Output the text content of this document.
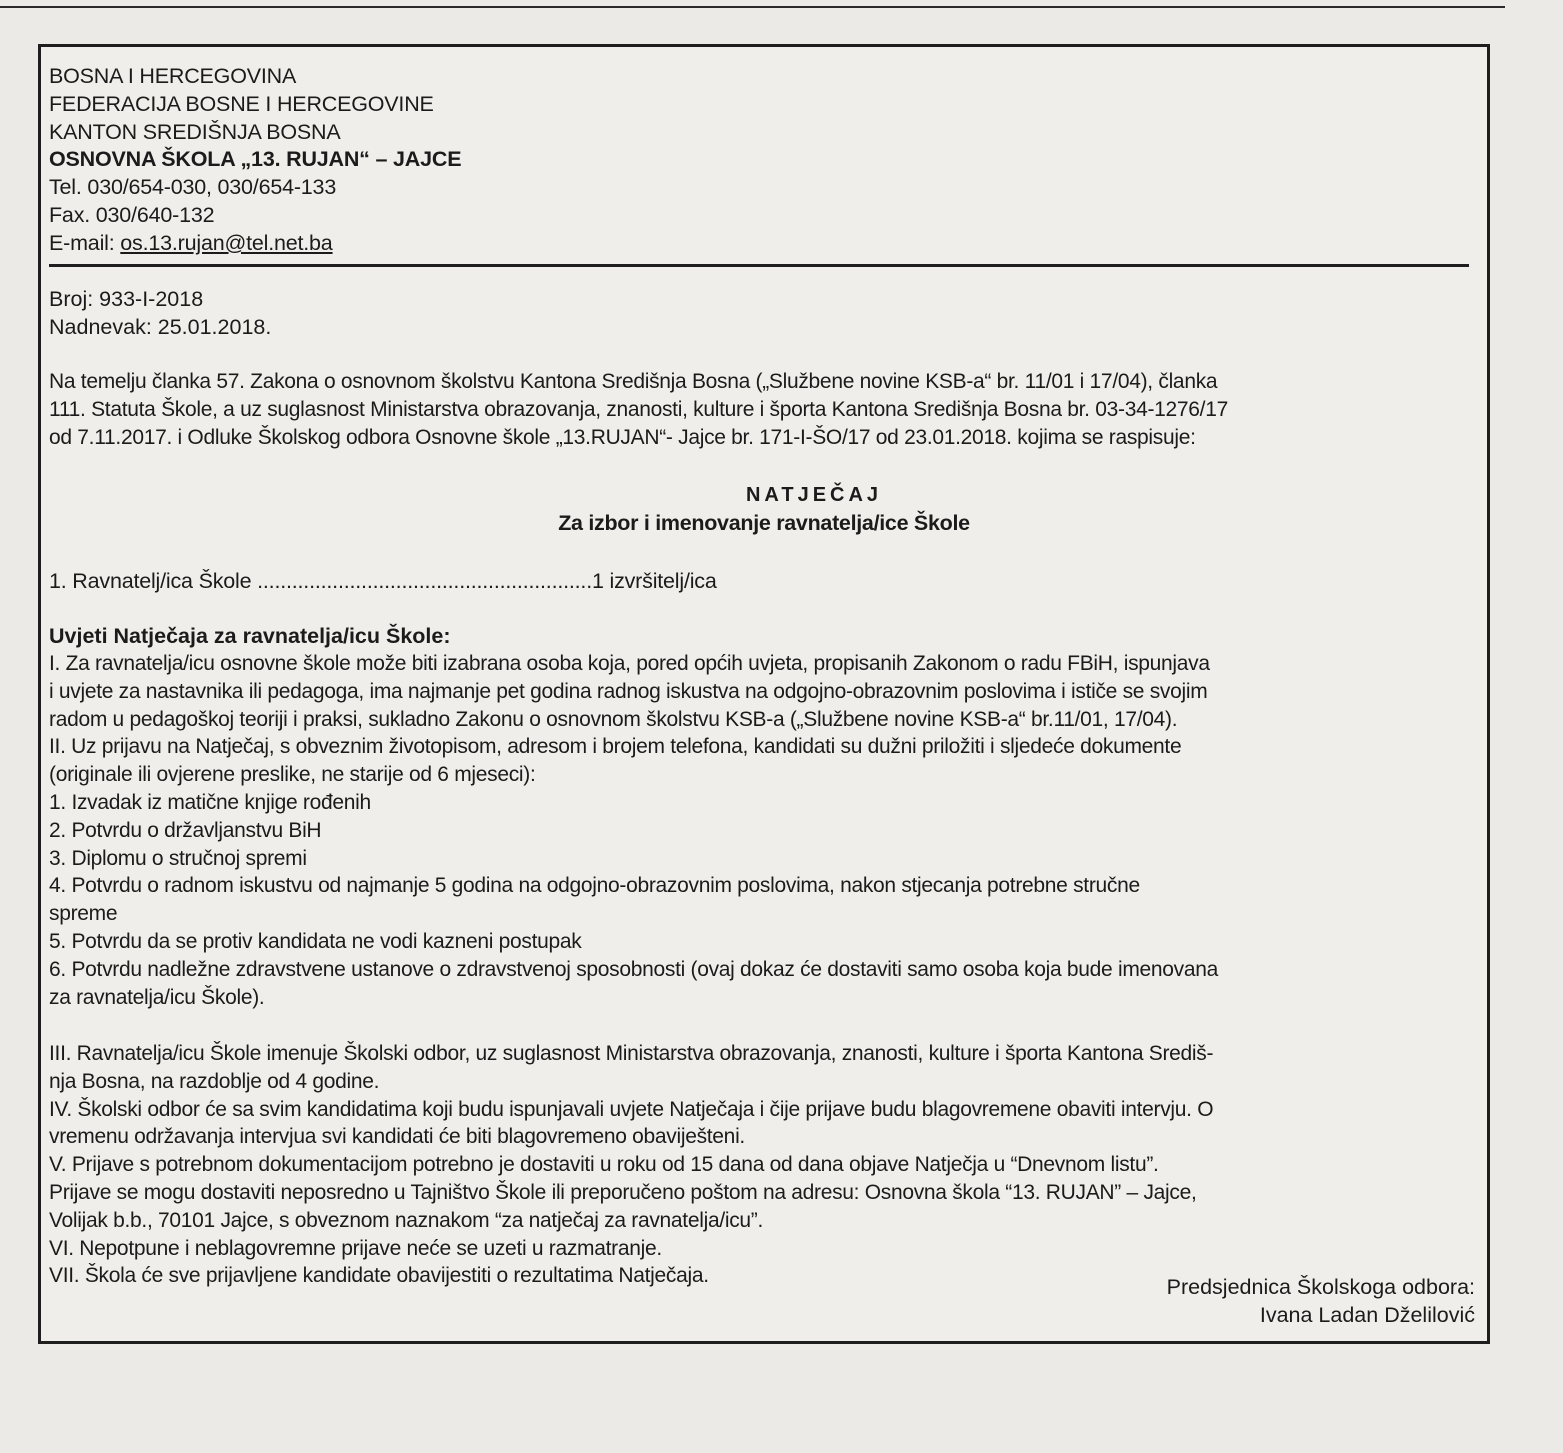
BOSNA I HERCEGOVINA
FEDERACIJA BOSNE I HERCEGOVINE
KANTON SREDIŠNJA BOSNA
OSNOVNA ŠKOLA „13. RUJAN“ – JAJCE
Tel. 030/654-030, 030/654-133
Fax. 030/640-132
E-mail: os.13.rujan@tel.net.ba
Broj: 933-I-2018
Nadnevak: 25.01.2018.
Na temelju članka 57. Zakona o osnovnom školstvu Kantona Središnja Bosna („Službene novine KSB-a“ br. 11/01 i 17/04), članka
111. Statuta Škole, a uz suglasnost Ministarstva obrazovanja, znanosti, kulture i športa Kantona Središnja Bosna br. 03-34-1276/17
od 7.11.2017. i Odluke Školskog odbora Osnovne škole „13.RUJAN“- Jajce br. 171-I-ŠO/17 od 23.01.2018. kojima se raspisuje:
NATJEČAJ
Za izbor i imenovanje ravnatelja/ice Škole
1. Ravnatelj/ica Škole ..........................................................1 izvršitelj/ica
Uvjeti Natječaja za ravnatelja/icu Škole:
I. Za ravnatelja/icu osnovne škole može biti izabrana osoba koja, pored općih uvjeta, propisanih Zakonom o radu FBiH, ispunjava
i uvjete za nastavnika ili pedagoga, ima najmanje pet godina radnog iskustva na odgojno-obrazovnim poslovima i ističe se svojim
radom u pedagoškoj teoriji i praksi, sukladno Zakonu o osnovnom školstvu KSB-a („Službene novine KSB-a“ br.11/01, 17/04).
II. Uz prijavu na Natječaj, s obveznim životopisom, adresom i brojem telefona, kandidati su dužni priložiti i sljedeće dokumente
(originale ili ovjerene preslike, ne starije od 6 mjeseci):
1. Izvadak iz matične knjige rođenih
2. Potvrdu o državljanstvu BiH
3. Diplomu o stručnoj spremi
4. Potvrdu o radnom iskustvu od najmanje 5 godina na odgojno-obrazovnim poslovima, nakon stjecanja potrebne stručne
spreme
5. Potvrdu da se protiv kandidata ne vodi kazneni postupak
6. Potvrdu nadležne zdravstvene ustanove o zdravstvenoj sposobnosti (ovaj dokaz će dostaviti samo osoba koja bude imenovana
za ravnatelja/icu Škole).
III. Ravnatelja/icu Škole imenuje Školski odbor, uz suglasnost Ministarstva obrazovanja, znanosti, kulture i športa Kantona Središ-
nja Bosna, na razdoblje od 4 godine.
IV. Školski odbor će sa svim kandidatima koji budu ispunjavali uvjete Natječaja i čije prijave budu blagovremene obaviti intervju. O
vremenu održavanja intervjua svi kandidati će biti blagovremeno obaviješteni.
V. Prijave s potrebnom dokumentacijom potrebno je dostaviti u roku od 15 dana od dana objave Natječja u “Dnevnom listu”.
Prijave se mogu dostaviti neposredno u Tajništvo Škole ili preporučeno poštom na adresu: Osnovna škola “13. RUJAN” – Jajce,
Volijak b.b., 70101 Jajce, s obveznom naznakom “za natječaj za ravnatelja/icu”.
VI. Nepotpune i neblagovremne prijave neće se uzeti u razmatranje.
VII. Škola će sve prijavljene kandidate obavijestiti o rezultatima Natječaja.	Predsjednica Školskoga odbora:
Ivana Ladan Dželilović
